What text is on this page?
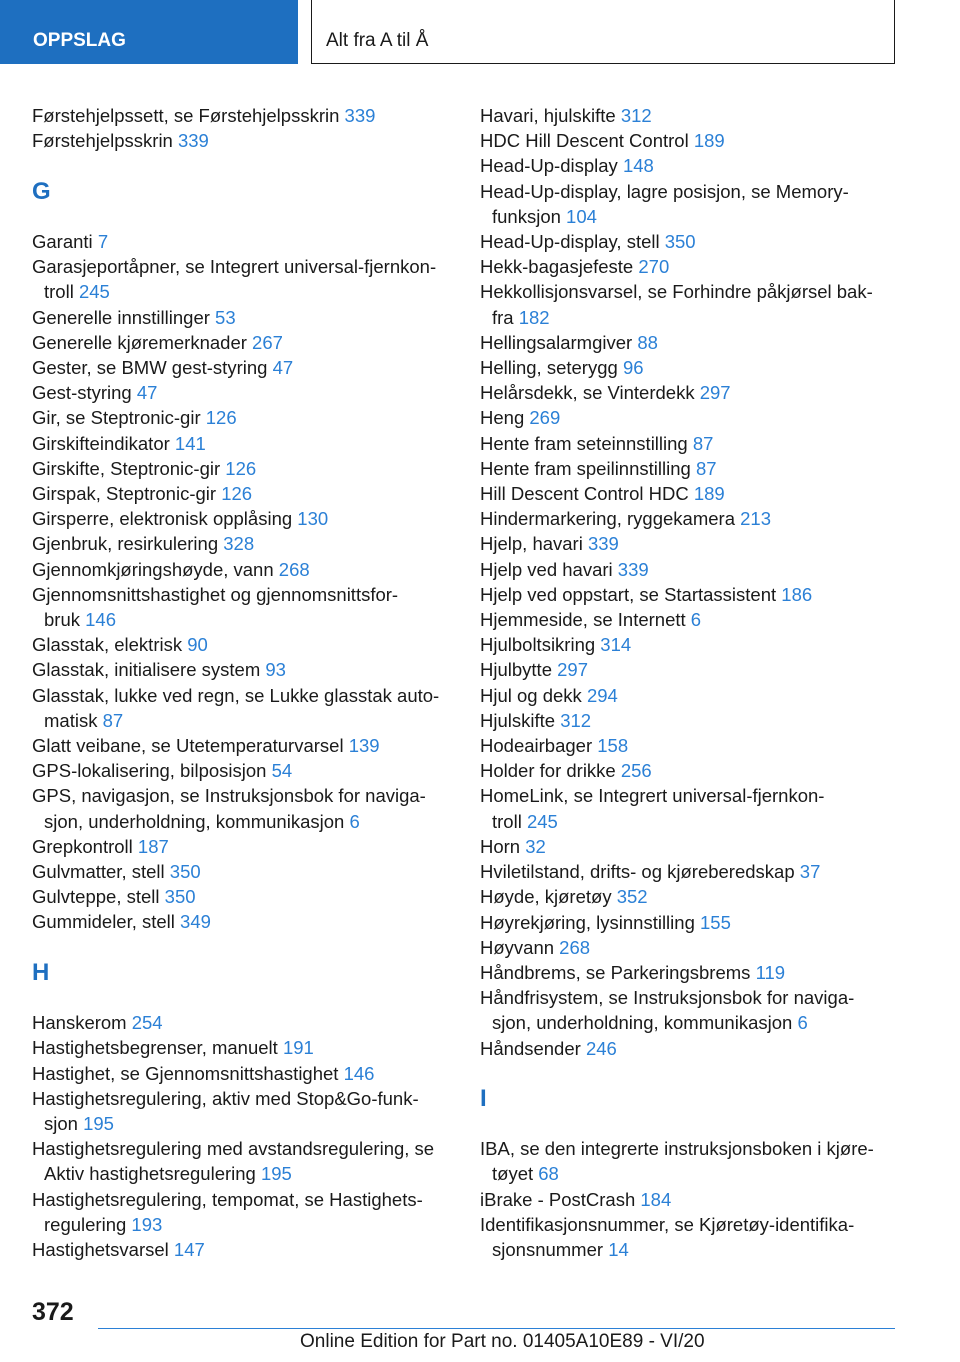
OPPSLAG	Alt fra A til Å
Førstehjelpssett, se Førstehjelpsskrin 339
Førstehjelpsskrin 339
G
Garanti 7
Garasjeportåpner, se Integrert universal-fjernkon-
troll 245
Generelle innstillinger 53
Generelle kjøremerknader 267
Gester, se BMW gest-styring 47
Gest-styring 47
Gir, se Steptronic-gir 126
Girskifteindikator 141
Girskifte, Steptronic-gir 126
Girspak, Steptronic-gir 126
Girsperre, elektronisk opplåsing 130
Gjenbruk, resirkulering 328
Gjennomkjøringshøyde, vann 268
Gjennomsnittshastighet og gjennomsnittsfor-
bruk 146
Glasstak, elektrisk 90
Glasstak, initialisere system 93
Glasstak, lukke ved regn, se Lukke glasstak auto-
matisk 87
Glatt veibane, se Utetemperaturvarsel 139
GPS-lokalisering, bilposisjon 54
GPS, navigasjon, se Instruksjonsbok for naviga-
sjon, underholdning, kommunikasjon 6
Grepkontroll 187
Gulvmatter, stell 350
Gulvteppe, stell 350
Gummideler, stell 349
H
Hanskerom 254
Hastighetsbegrenser, manuelt 191
Hastighet, se Gjennomsnittshastighet 146
Hastighetsregulering, aktiv med Stop&Go-funk-
sjon 195
Hastighetsregulering med avstandsregulering, se
Aktiv hastighetsregulering 195
Hastighetsregulering, tempomat, se Hastighets-
regulering 193
Hastighetsvarsel 147
Havari, hjulskifte 312
HDC Hill Descent Control 189
Head-Up-display 148
Head-Up-display, lagre posisjon, se Memory-
funksjon 104
Head-Up-display, stell 350
Hekk-bagasjefeste 270
Hekkollisjonsvarsel, se Forhindre påkjørsel bak-
fra 182
Hellingsalarmgiver 88
Helling, seterygg 96
Helårsdekk, se Vinterdekk 297
Heng 269
Hente fram seteinnstilling 87
Hente fram speilinnstilling 87
Hill Descent Control HDC 189
Hindermarkering, ryggekamera 213
Hjelp, havari 339
Hjelp ved havari 339
Hjelp ved oppstart, se Startassistent 186
Hjemmeside, se Internett 6
Hjulboltsikring 314
Hjulbytte 297
Hjul og dekk 294
Hjulskifte 312
Hodeairbager 158
Holder for drikke 256
HomeLink, se Integrert universal-fjernkon-
troll 245
Horn 32
Hviletilstand, drifts- og kjøreberedskap 37
Høyde, kjøretøy 352
Høyrekjøring, lysinnstilling 155
Høyvann 268
Håndbrems, se Parkeringsbrems 119
Håndfrisystem, se Instruksjonsbok for naviga-
sjon, underholdning, kommunikasjon 6
Håndsender 246
I
IBA, se den integrerte instruksjonsboken i kjøre-
tøyet 68
iBrake - PostCrash 184
Identifikasjonsnummer, se Kjøretøy-identifika-
sjonsnummer 14
372
Online Edition for Part no. 01405A10E89 - VI/20
